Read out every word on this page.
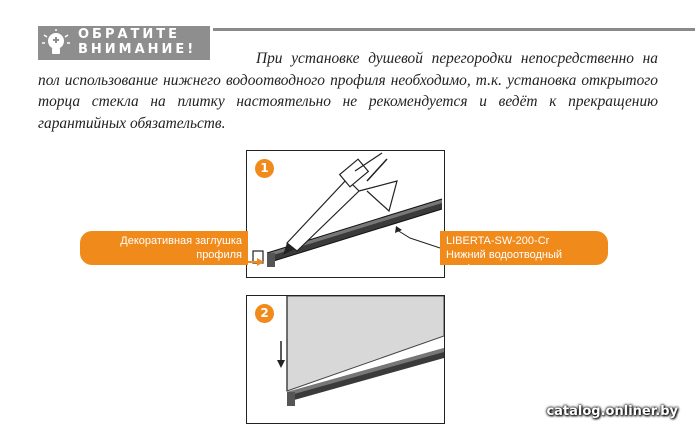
ОБРАТИТЕ
ВНИМАНИЕ!
При установке душевой перегородки непосредственно на пол использование нижнего водоотводного профиля необходимо, т.к. установка открытого торца стекла на плитку настоятельно не рекомендуется и ведёт к прекращению гарантийных обязательств.
1
2
Декоративная заглушка
профиля
LIBERTA-SW-200-Cr
Нижний водоотводный профиль
catalog.onliner.by
